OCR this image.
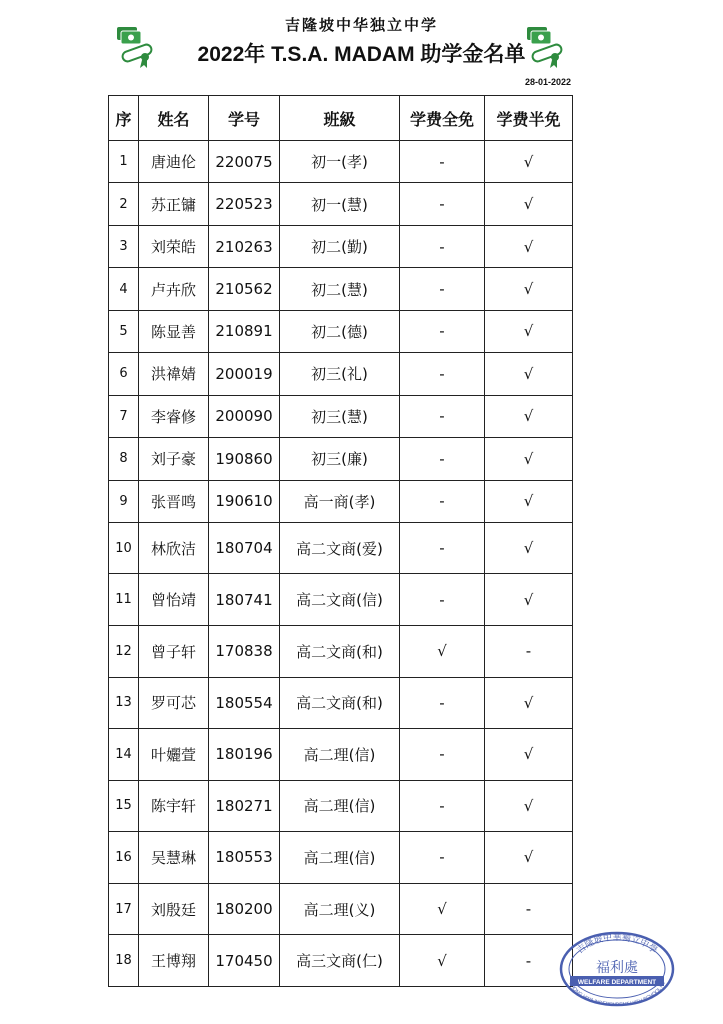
吉隆坡中华独立中学
2022年 T.S.A. MADAM 助学金名单
28-01-2022
序	姓名	学号	班級	学费全免	学费半免
1	唐迪伦	220075	初一(孝)	-	√
2	苏正镛	220523	初一(慧)	-	√
3	刘荣皓	210263	初二(勤)	-	√
4	卢卉欣	210562	初二(慧)	-	√
5	陈显善	210891	初二(德)	-	√
6	洪禕婧	200019	初三(礼)	-	√
7	李睿修	200090	初三(慧)	-	√
8	刘子豪	190860	初三(廉)	-	√
9	张晋鸣	190610	高一商(孝)	-	√
10	林欣洁	180704	高二文商(爱)	-	√
11	曾怡靖	180741	高二文商(信)	-	√
12	曾子轩	170838	高二文商(和)	√	-
13	罗可芯	180554	高二文商(和)	-	√
14	叶孋萱	180196	高二理(信)	-	√
15	陈宇轩	180271	高二理(信)	-	√
16	吴慧琳	180553	高二理(信)	-	√
17	刘殷廷	180200	高二理(义)	√	-
18	王博翔	170450	高三文商(仁)	√	-
吉隆坡中華獨立中學
福利處
WELFARE DEPARTMENT
CHONG HWA INDEPENDENT HIGH SCHOOL KL
